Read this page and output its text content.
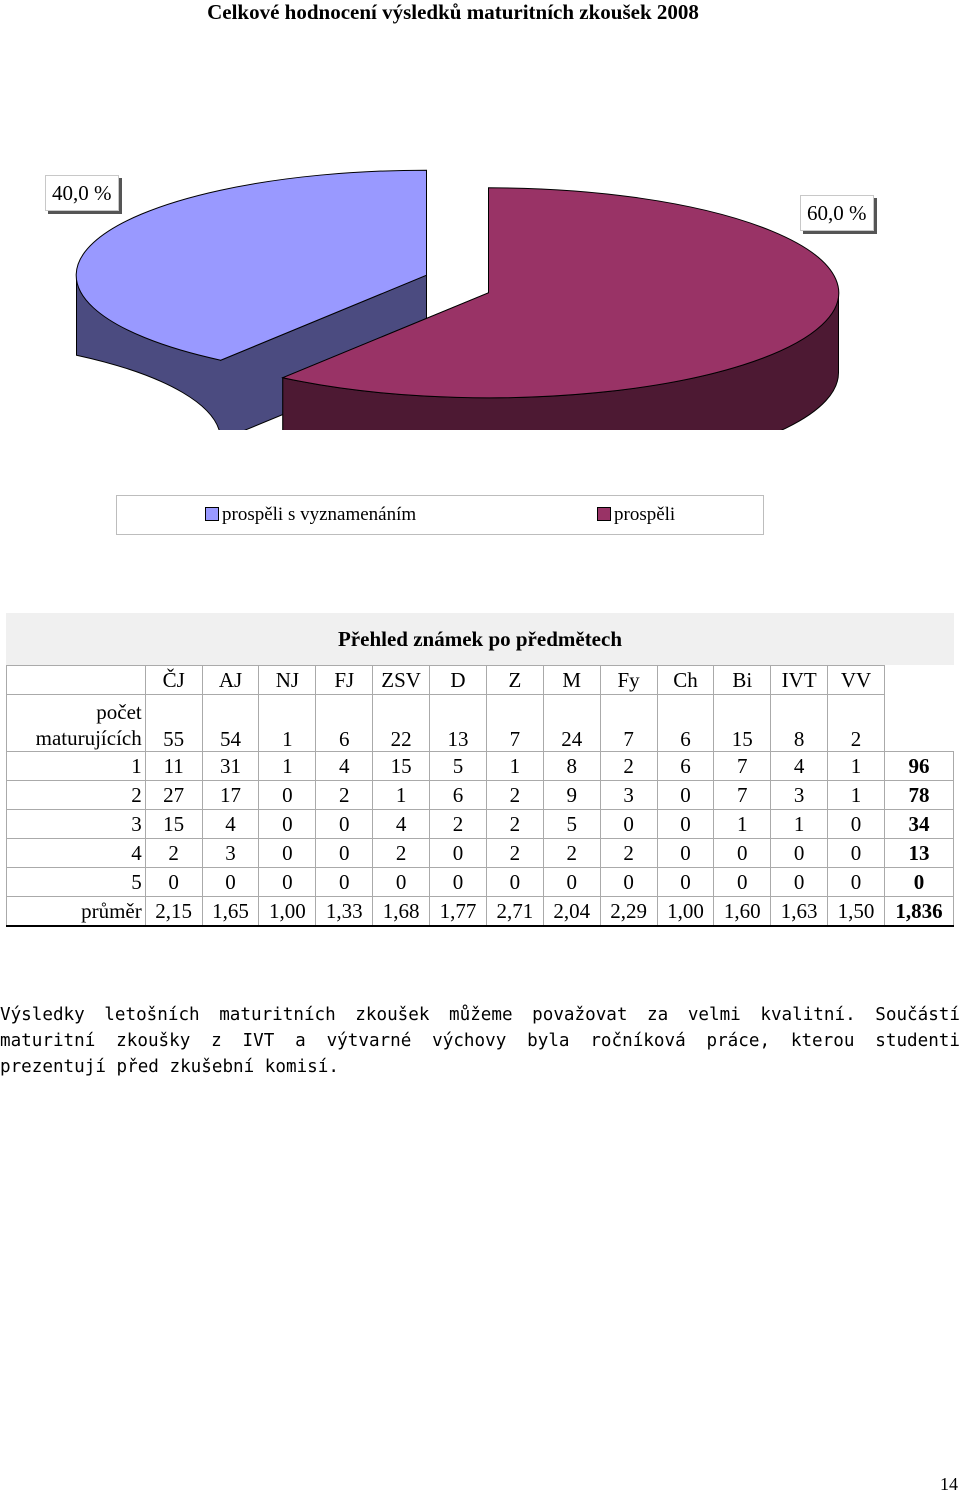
Celkové hodnocení výsledků maturitních zkoušek 2008
40,0 %
60,0 %
prospěli s vyznamenáním	prospěli
Přehled známek po předmětech
	ČJ	AJ	NJ	FJ	ZSV	D	Z	M	Fy	Ch	Bi	IVT	VV	

počet
maturujících	55	54	1	6	22	13	7	24	7	6	15	8	2	
1	11	31	1	4	15	5	1	8	2	6	7	4	1	96
2	27	17	0	2	1	6	2	9	3	0	7	3	1	78
3	15	4	0	0	4	2	2	5	0	0	1	1	0	34
4	2	3	0	0	2	0	2	2	2	0	0	0	0	13
5	0	0	0	0	0	0	0	0	0	0	0	0	0	0
průměr	2,15	1,65	1,00	1,33	1,68	1,77	2,71	2,04	2,29	1,00	1,60	1,63	1,50	1,836
Výsledky letošních maturitních zkoušek můžeme považovat za velmi kvalitní. Součástí maturitní zkoušky z IVT a výtvarné výchovy byla ročníková práce, kterou studenti prezentují před zkušební komisí.
14
